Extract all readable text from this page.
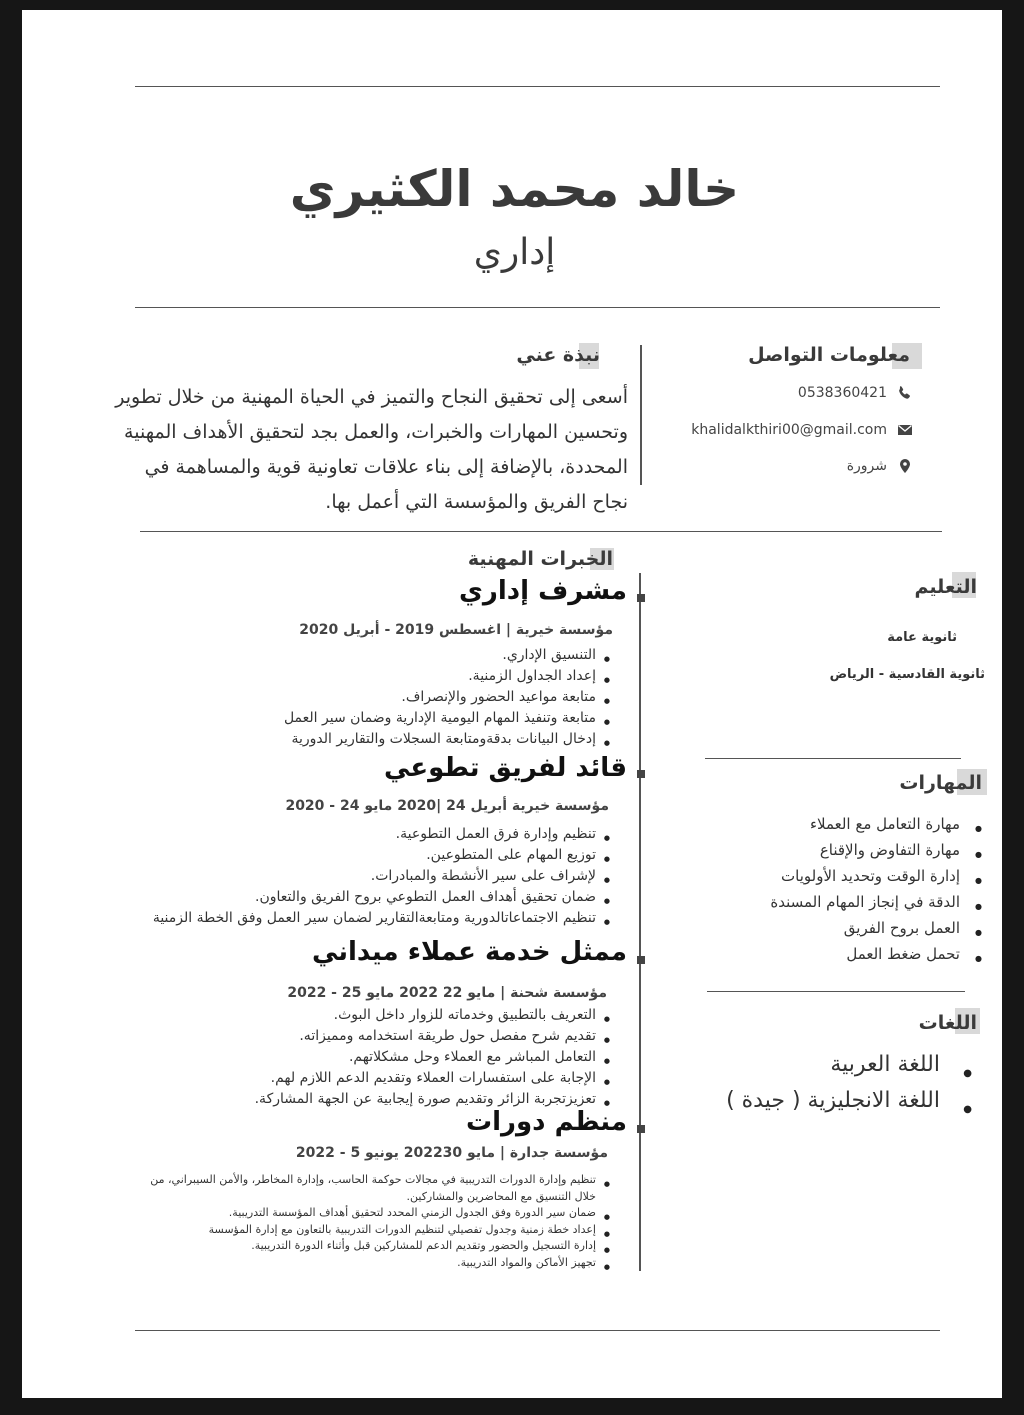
خالد محمد الكثيري
إداري
نبذة عني
أسعى إلى تحقيق النجاح والتميز في الحياة المهنية من خلال تطوير وتحسين المهارات والخبرات، والعمل بجد لتحقيق الأهداف المهنية المحددة، بالإضافة إلى بناء علاقات تعاونية قوية والمساهمة في نجاح الفريق والمؤسسة التي أعمل بها.
معلومات التواصل
0538360421
khalidalkthiri00@gmail.com
شرورة
الخبرات المهنية
مشرف إداري
مؤسسة خيرية | اغسطس 2019 - أبريل 2020
● التنسيق الإداري.
● إعداد الجداول الزمنية.
● متابعة مواعيد الحضور والإنصراف.
● متابعة وتنفيذ المهام اليومية الإدارية وضمان سير العمل
● إدخال البيانات بدقةومتابعة السجلات والتقارير الدورية
قائد لفريق تطوعي
مؤسسة خيرية أبريل 24 |2020 مايو 24 - 2020
● تنظيم وإدارة فرق العمل التطوعية.
● توزيع المهام على المتطوعين.
● لإشراف على سير الأنشطة والمبادرات.
● ضمان تحقيق أهداف العمل التطوعي بروح الفريق والتعاون.
● تنظيم الاجتماعاتالدورية ومتابعةالتقارير لضمان سير العمل وفق الخطة الزمنية
ممثل خدمة عملاء ميداني
مؤسسة شحنة | مايو 22 2022 مايو 25 - 2022
● التعريف بالتطبيق وخدماته للزوار داخل البوث.
● تقديم شرح مفصل حول طريقة استخدامه ومميزاته.
● التعامل المباشر مع العملاء وحل مشكلاتهم.
● الإجابة على استفسارات العملاء وتقديم الدعم اللازم لهم.
● تعزيزتجربة الزائر وتقديم صورة إيجابية عن الجهة المشاركة.
منظم دورات
مؤسسة جدارة | مايو 202230 يونيو 5 - 2022
● تنظيم وإدارة الدورات التدريبية في مجالات حوكمة الحاسب، وإدارة المخاطر، والأمن السيبراني، من خلال التنسيق مع المحاضرين والمشاركين.
● ضمان سير الدورة وفق الجدول الزمني المحدد لتحقيق أهداف المؤسسة التدريبية.
● إعداد خطة زمنية وجدول تفصيلي لتنظيم الدورات التدريبية بالتعاون مع إدارة المؤسسة
● إدارة التسجيل والحضور وتقديم الدعم للمشاركين قبل وأثناء الدورة التدريبية.
● تجهيز الأماكن والمواد التدريبية.
التعليم
ثانوية عامة
ثانوية القادسية - الرياض
المهارات
● مهارة التعامل مع العملاء
● مهارة التفاوض والإقناع
● إدارة الوقت وتحديد الأولويات
● الدقة في إنجاز المهام المسندة
● العمل بروح الفريق
● تحمل ضغط العمل
اللغات
● اللغة العربية
● اللغة الانجليزية ( جيدة )
